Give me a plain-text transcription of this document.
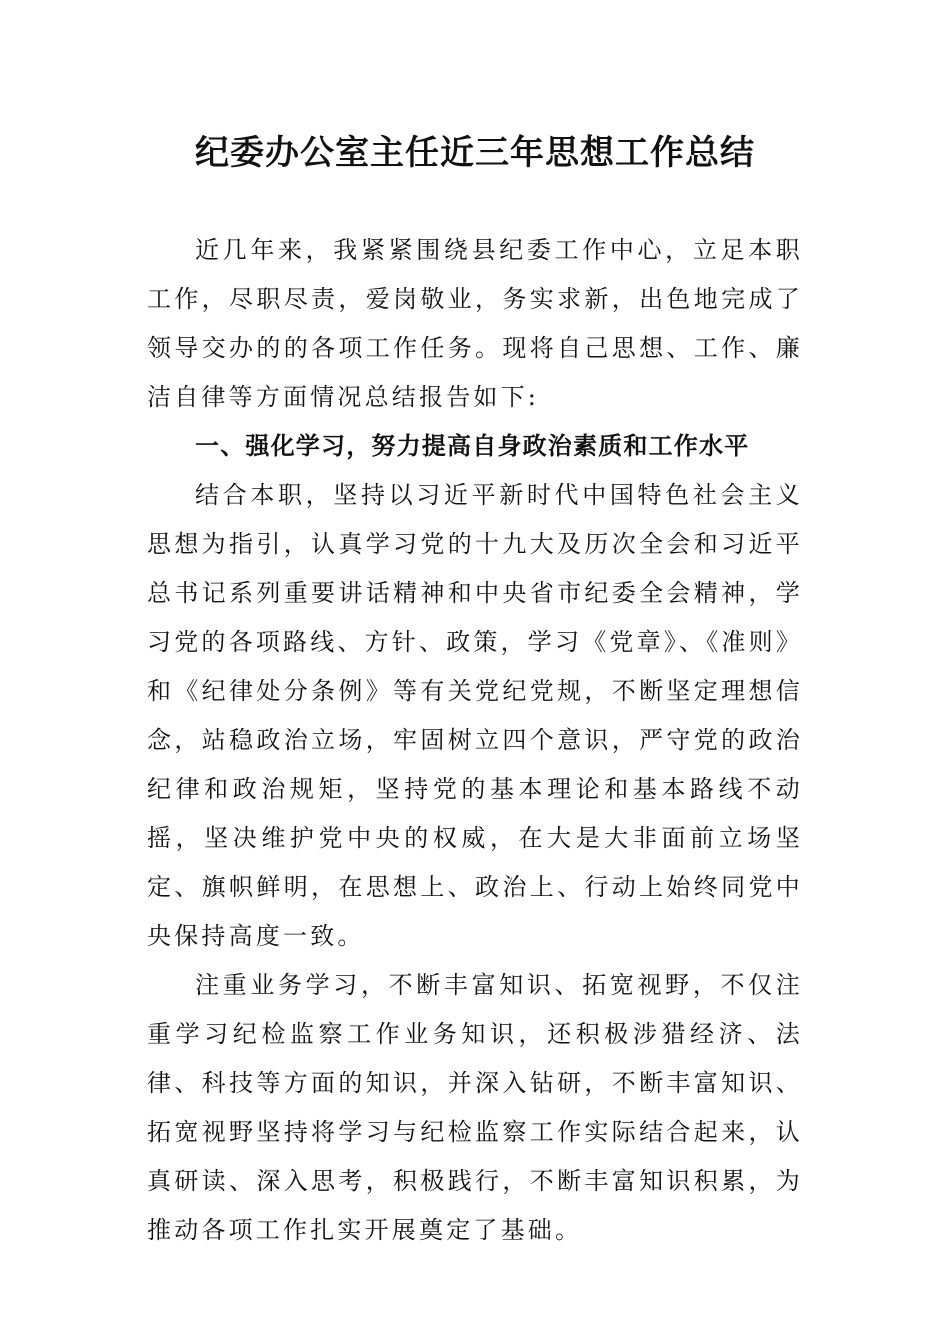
纪委办公室主任近三年思想工作总结

近几年来，我紧紧围绕县纪委工作中心，立足本职工作，尽职尽责，爱岗敬业，务实求新，出色地完成了领导交办的的各项工作任务。现将自己思想、工作、廉洁自律等方面情况总结报告如下:

一、强化学习，努力提高自身政治素质和工作水平

结合本职，坚持以习近平新时代中国特色社会主义思想为指引，认真学习党的十九大及历次全会和习近平总书记系列重要讲话精神和中央省市纪委全会精神，学习党的各项路线、方针、政策，学习《党章》、《准则》和《纪律处分条例》等有关党纪党规，不断坚定理想信念，站稳政治立场，牢固树立四个意识，严守党的政治纪律和政治规矩，坚持党的基本理论和基本路线不动摇，坚决维护党中央的权威，在大是大非面前立场坚定、旗帜鲜明，在思想上、政治上、行动上始终同党中央保持高度一致。

注重业务学习，不断丰富知识、拓宽视野，不仅注重学习纪检监察工作业务知识，还积极涉猎经济、法律、科技等方面的知识，并深入钻研，不断丰富知识、拓宽视野坚持将学习与纪检监察工作实际结合起来，认真研读、深入思考，积极践行，不断丰富知识积累，为推动各项工作扎实开展奠定了基础。
